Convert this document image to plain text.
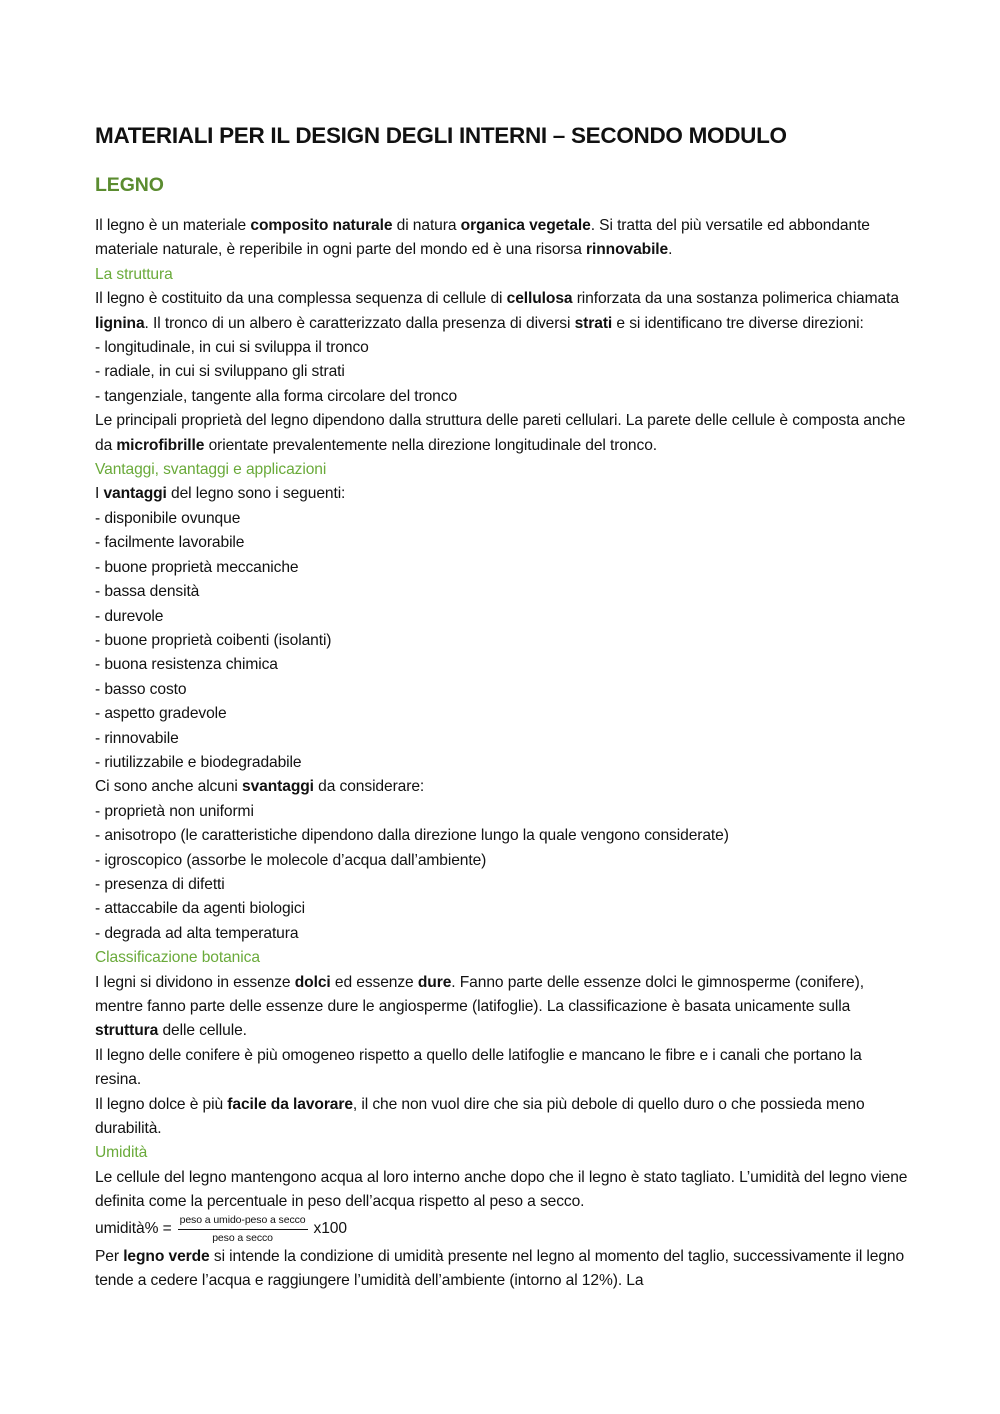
MATERIALI PER IL DESIGN DEGLI INTERNI – SECONDO MODULO
LEGNO

Il legno è un materiale composito naturale di natura organica vegetale. Si tratta del più versatile ed abbondante materiale naturale, è reperibile in ogni parte del mondo ed è una risorsa rinnovabile.

La struttura

Il legno è costituito da una complessa sequenza di cellule di cellulosa rinforzata da una sostanza polimerica chiamata lignina. Il tronco di un albero è caratterizzato dalla presenza di diversi strati e si identificano tre diverse direzioni:

- longitudinale, in cui si sviluppa il tronco
- radiale, in cui si sviluppano gli strati
- tangenziale, tangente alla forma circolare del tronco

Le principali proprietà del legno dipendono dalla struttura delle pareti cellulari. La parete delle cellule è composta anche da microfibrille orientate prevalentemente nella direzione longitudinale del tronco.

Vantaggi, svantaggi e applicazioni

I vantaggi del legno sono i seguenti:

- disponibile ovunque
- facilmente lavorabile
- buone proprietà meccaniche
- bassa densità
- durevole
- buone proprietà coibenti (isolanti)
- buona resistenza chimica
- basso costo
- aspetto gradevole
- rinnovabile
- riutilizzabile e biodegradabile

Ci sono anche alcuni svantaggi da considerare:

- proprietà non uniformi
- anisotropo (le caratteristiche dipendono dalla direzione lungo la quale vengono considerate)
- igroscopico (assorbe le molecole d’acqua dall’ambiente)
- presenza di difetti
- attaccabile da agenti biologici
- degrada ad alta temperatura
Classificazione botanica

I legni si dividono in essenze dolci ed essenze dure. Fanno parte delle essenze dolci le gimnosperme (conifere), mentre fanno parte delle essenze dure le angiosperme (latifoglie). La classificazione è basata unicamente sulla struttura delle cellule.

Il legno delle conifere è più omogeneo rispetto a quello delle latifoglie e mancano le fibre e i canali che portano la resina.

Il legno dolce è più facile da lavorare, il che non vuol dire che sia più debole di quello duro o che possieda meno durabilità.

Umidità

Le cellule del legno mantengono acqua al loro interno anche dopo che il legno è stato tagliato. L’umidità del legno viene definita come la percentuale in peso dell’acqua rispetto al peso a secco.

umidità% = $\frac{\text{peso a umido-peso a secco}}{\text{peso a secco}} x100$

Per legno verde si intende la condizione di umidità presente nel legno al momento del taglio, successivamente il legno tende a cedere l’acqua e raggiungere l’umidità dell’ambiente (intorno al 12%). La
